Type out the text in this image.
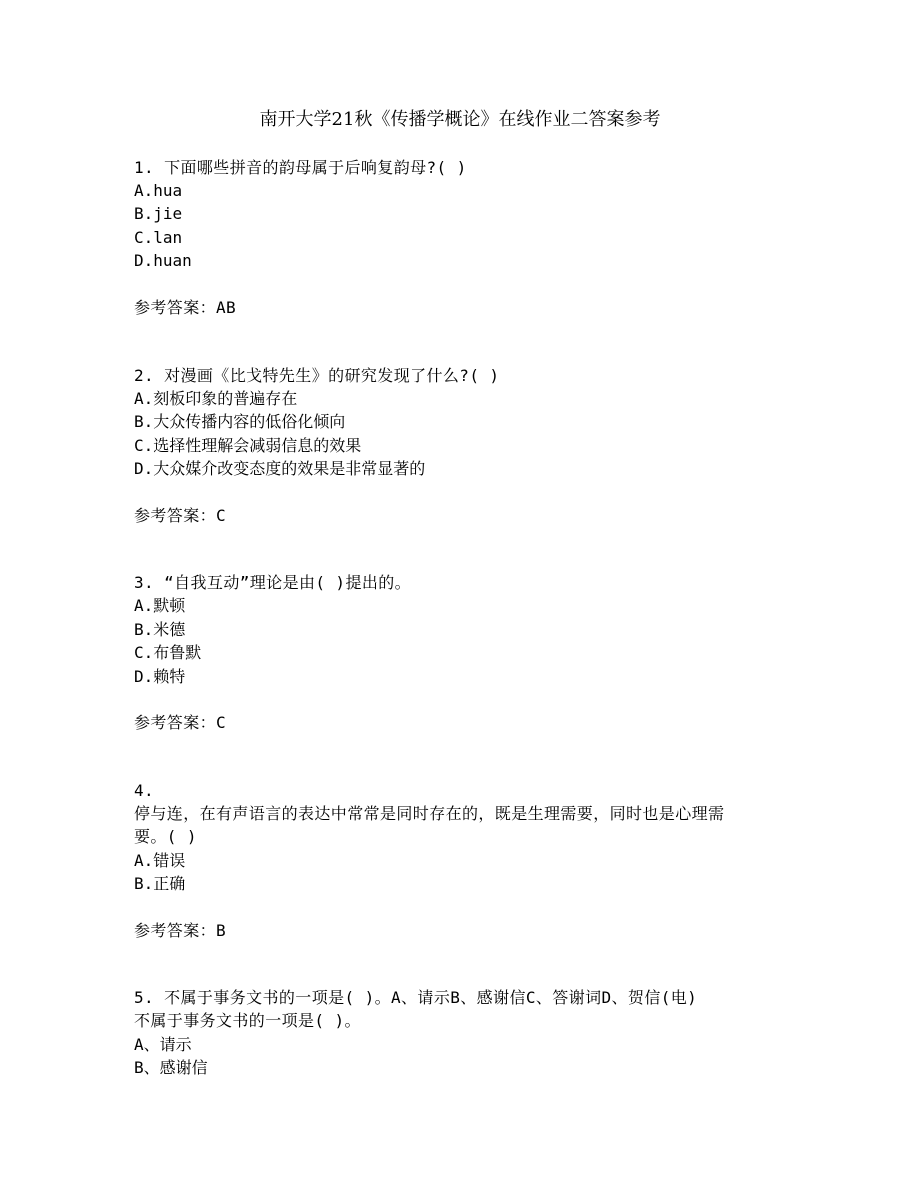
南开大学21秋《传播学概论》在线作业二答案参考
1. 下面哪些拼音的韵母属于后响复韵母?( )
A.hua
B.jie
C.lan
D.huan
参考答案：AB
2. 对漫画《比戈特先生》的研究发现了什么?( )
A.刻板印象的普遍存在
B.大众传播内容的低俗化倾向
C.选择性理解会减弱信息的效果
D.大众媒介改变态度的效果是非常显著的
参考答案：C
3. “自我互动”理论是由( )提出的。
A.默顿
B.米德
C.布鲁默
D.赖特
参考答案：C
4.
停与连，在有声语言的表达中常常是同时存在的，既是生理需要，同时也是心理需
要。( )
A.错误
B.正确
参考答案：B
5. 不属于事务文书的一项是( )。A、请示B、感谢信C、答谢词D、贺信(电)
不属于事务文书的一项是( )。
A、请示
B、感谢信
